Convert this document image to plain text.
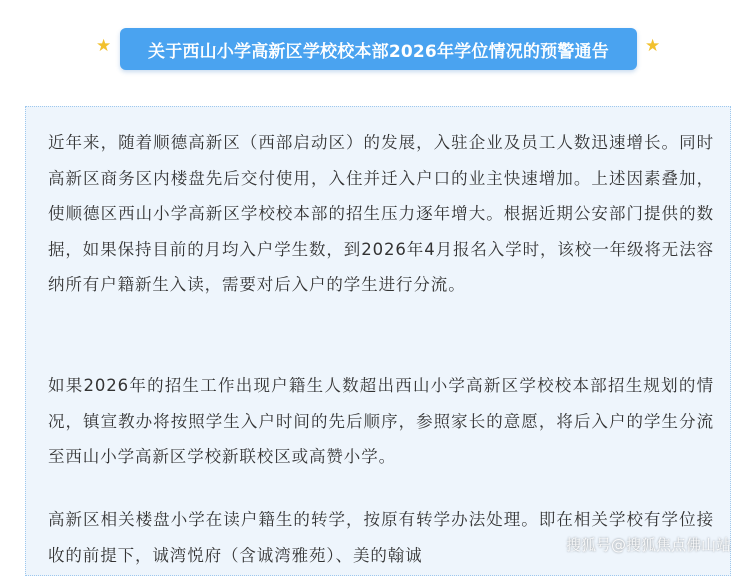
★ 关于西山小学高新区学校校本部2026年学位情况的预警通告 ★

近年来，随着顺德高新区（西部启动区）的发展，入驻企业及员工人数迅速增长。同时高新区商务区内楼盘先后交付使用，入住并迁入户口的业主快速增加。上述因素叠加，使顺德区西山小学高新区学校校本部的招生压力逐年增大。根据近期公安部门提供的数据，如果保持目前的月均入户学生数，到2026年4月报名入学时，该校一年级将无法容纳所有户籍新生入读，需要对后入户的学生进行分流。

如果2026年的招生工作出现户籍生人数超出西山小学高新区学校校本部招生规划的情况，镇宣教办将按照学生入户时间的先后顺序，参照家长的意愿，将后入户的学生分流至西山小学高新区学校新联校区或高赞小学。

高新区相关楼盘小学在读户籍生的转学，按原有转学办法处理。即在相关学校有学位接收的前提下，诚湾悦府（含诚湾雅苑）、美的翰诚

搜狐号@搜狐焦点佛山站
